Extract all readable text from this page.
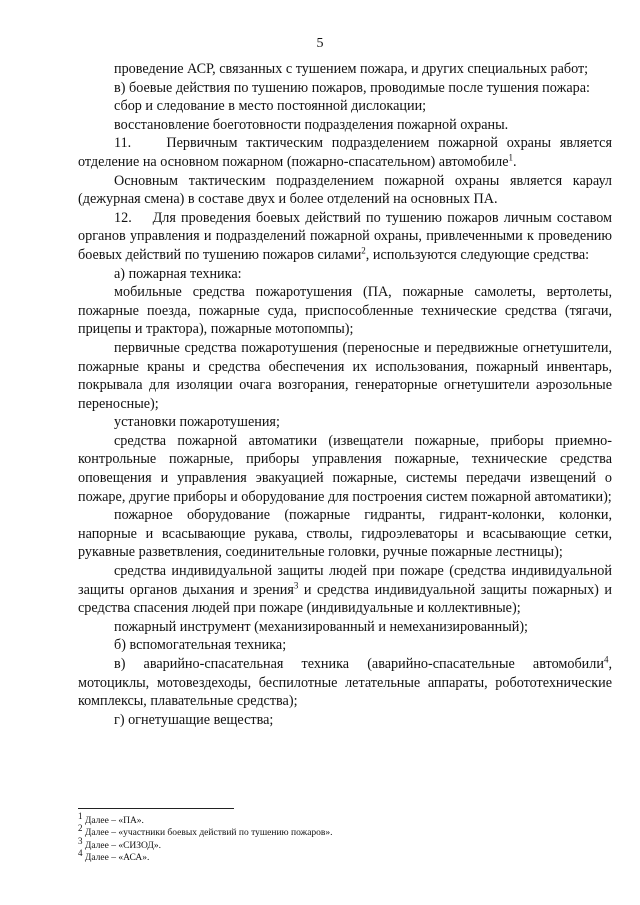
5

проведение АСР, связанных с тушением пожара, и других специальных работ;

в) боевые действия по тушению пожаров, проводимые после тушения пожара:

сбор и следование в место постоянной дислокации;

восстановление боеготовности подразделения пожарной охраны.

11.    Первичным тактическим подразделением пожарной охраны является отделение на основном пожарном (пожарно-спасательном) автомобиле$^1$.

Основным тактическим подразделением пожарной охраны является караул (дежурная смена) в составе двух и более отделений на основных ПА.

12.    Для проведения боевых действий по тушению пожаров личным составом органов управления и подразделений пожарной охраны, привлеченными к проведению боевых действий по тушению пожаров силами$^2$, используются следующие средства:

а) пожарная техника:

мобильные средства пожаротушения (ПА, пожарные самолеты, вертолеты, пожарные поезда, пожарные суда, приспособленные технические средства (тягачи, прицепы и трактора), пожарные мотопомпы);

первичные средства пожаротушения (переносные и передвижные огнетушители, пожарные краны и средства обеспечения их использования, пожарный инвентарь, покрывала для изоляции очага возгорания, генераторные огнетушители аэрозольные переносные);

установки пожаротушения;

средства пожарной автоматики (извещатели пожарные, приборы приемно-контрольные пожарные, приборы управления пожарные, технические средства оповещения и управления эвакуацией пожарные, системы передачи извещений о пожаре, другие приборы и оборудование для построения систем пожарной автоматики);

пожарное оборудование (пожарные гидранты, гидрант-колонки, колонки, напорные и всасывающие рукава, стволы, гидроэлеваторы и всасывающие сетки, рукавные разветвления, соединительные головки, ручные пожарные лестницы);

средства индивидуальной защиты людей при пожаре (средства индивидуальной защиты органов дыхания и зрения$^3$ и средства индивидуальной защиты пожарных) и средства спасения людей при пожаре (индивидуальные и коллективные);

пожарный инструмент (механизированный и немеханизированный);

б) вспомогательная техника;

в) аварийно-спасательная техника (аварийно-спасательные автомобили$^4$, мотоциклы, мотовездеходы, беспилотные летательные аппараты, робототехнические комплексы, плавательные средства);

г) огнетушащие вещества;

$^1$ Далее – «ПА».

$^2$ Далее – «участники боевых действий по тушению пожаров».

$^3$ Далее – «СИЗОД».

$^4$ Далее – «АСА».
